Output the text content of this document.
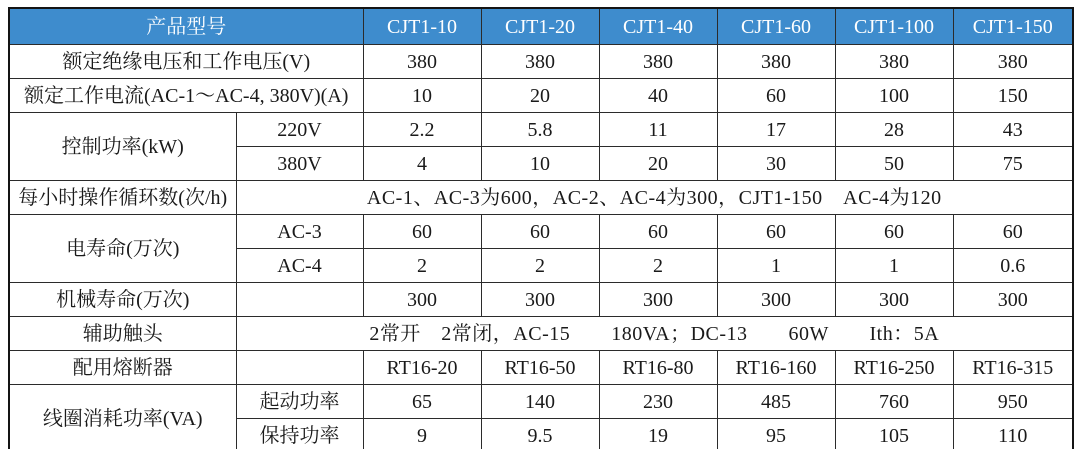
产品型号		CJT1-10	CJT1-20	CJT1-40	CJT1-60	CJT1-100	CJT1-150
额定绝缘电压和工作电压(V)		380	380	380	380	380	380
额定工作电流(AC-1～AC-4, 380V)(A)		10	20	40	60	100	150
控制功率(kW)	220V	2.2	5.8	11	17	28	43
	380V	4	10	20	30	50	75
每小时操作循环数(次/h)	AC-1、AC-3为600，AC-2、AC-4为300，CJT1-150　AC-4为120						
电寿命(万次)	AC-3	60	60	60	60	60	60
	AC-4	2	2	2	1	1	0.6
机械寿命(万次)		300	300	300	300	300	300
辅助触头	2常开　2常闭，AC-15　　180VA；DC-13　　60W　　Ith：5A						
配用熔断器		RT16-20	RT16-50	RT16-80	RT16-160	RT16-250	RT16-315
线圈消耗功率(VA)	起动功率	65	140	230	485	760	950
	保持功率	9	9.5	19	95	105	110
